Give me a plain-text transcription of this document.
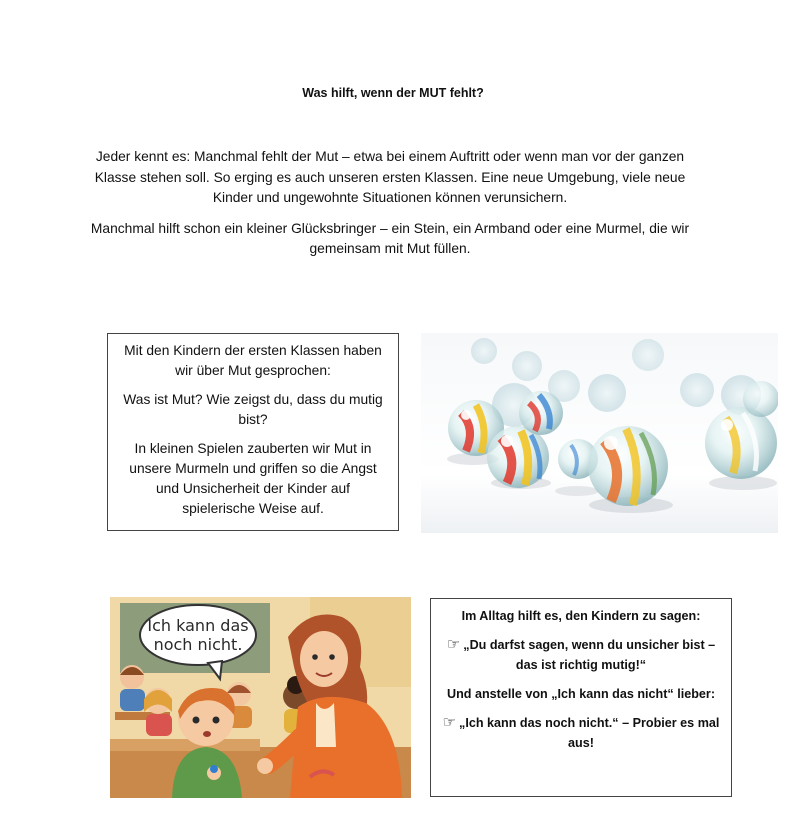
Was hilft, wenn der MUT fehlt?

Jeder kennt es: Manchmal fehlt der Mut – etwa bei einem Auftritt oder wenn man vor der ganzen Klasse stehen soll. So erging es auch unseren ersten Klassen. Eine neue Umgebung, viele neue Kinder und ungewohnte Situationen können verunsichern.

Manchmal hilft schon ein kleiner Glücksbringer – ein Stein, ein Armband oder eine Murmel, die wir gemeinsam mit Mut füllen.

Mit den Kindern der ersten Klassen haben wir über Mut gesprochen:

Was ist Mut? Wie zeigst du, dass du mutig bist?

In kleinen Spielen zauberten wir Mut in unsere Murmeln und griffen so die Angst und Unsicherheit der Kinder auf spielerische Weise auf.

Ich kann das
noch nicht.

Im Alltag hilft es, den Kindern zu sagen:

☞ „Du darfst sagen, wenn du unsicher bist – das ist richtig mutig!“

Und anstelle von „Ich kann das nicht“ lieber:

☞ „Ich kann das noch nicht.“ – Probier es mal aus!
